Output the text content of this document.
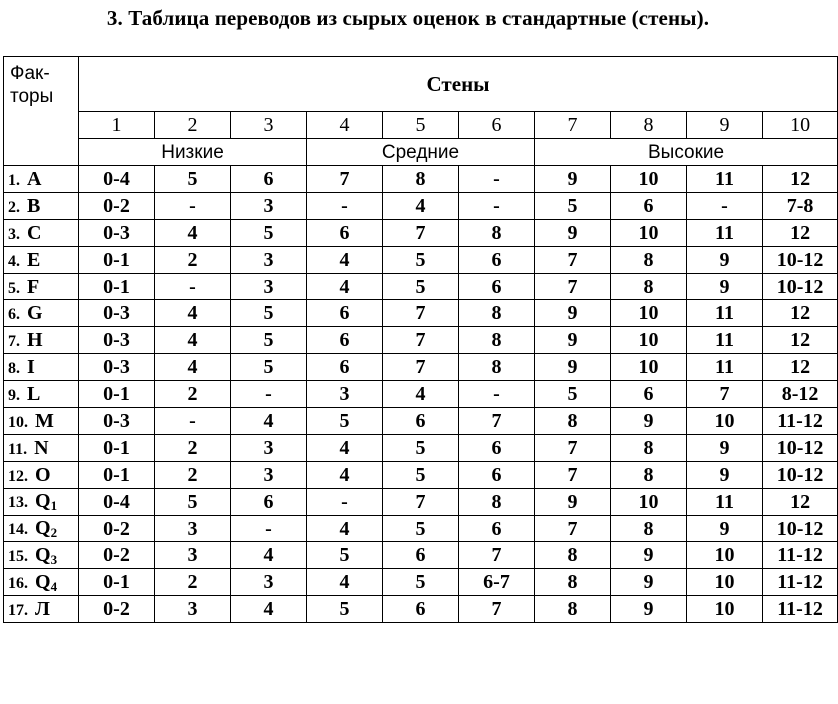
3. Таблица переводов из сырых оценок в стандартные (стены).
Фак-
торы	Стены									
	1	2	3	4	5	6	7	8	9	10
	Низкие			Средние			Высокие			
1. A	0-4	5	6	7	8	-	9	10	11	12
2. B	0-2	-	3	-	4	-	5	6	-	7-8
3. C	0-3	4	5	6	7	8	9	10	11	12
4. E	0-1	2	3	4	5	6	7	8	9	10-12
5. F	0-1	-	3	4	5	6	7	8	9	10-12
6. G	0-3	4	5	6	7	8	9	10	11	12
7. H	0-3	4	5	6	7	8	9	10	11	12
8. I	0-3	4	5	6	7	8	9	10	11	12
9. L	0-1	2	-	3	4	-	5	6	7	8-12
10. M	0-3	-	4	5	6	7	8	9	10	11-12
11. N	0-1	2	3	4	5	6	7	8	9	10-12
12. O	0-1	2	3	4	5	6	7	8	9	10-12
13. $Q_1$	0-4	5	6	-	7	8	9	10	11	12
14. $Q_2$	0-2	3	-	4	5	6	7	8	9	10-12
15. $Q_3$	0-2	3	4	5	6	7	8	9	10	11-12
16. $Q_4$	0-1	2	3	4	5	6-7	8	9	10	11-12
17. Л	0-2	3	4	5	6	7	8	9	10	11-12
